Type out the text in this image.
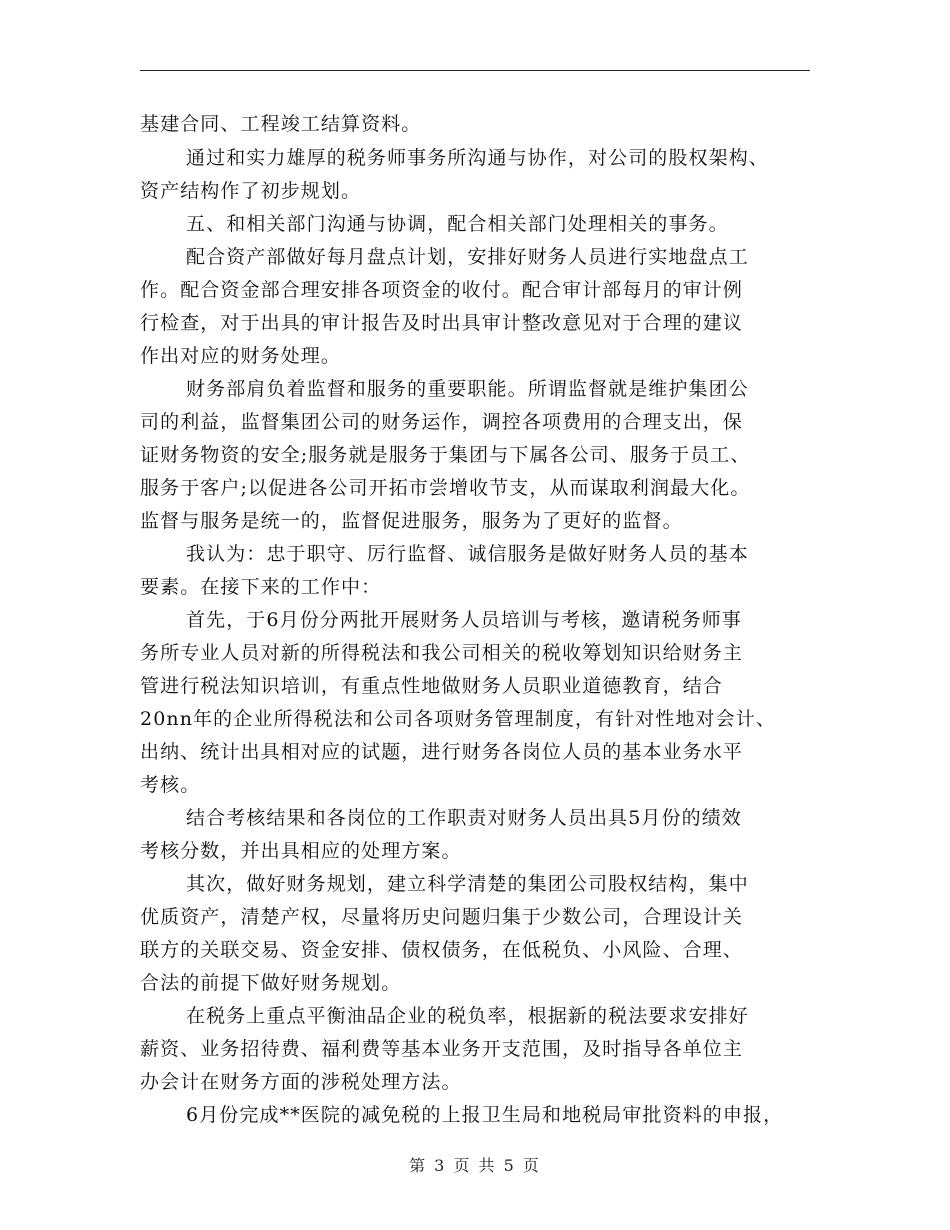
基建合同、工程竣工结算资料。
通过和实力雄厚的税务师事务所沟通与协作，对公司的股权架构、
资产结构作了初步规划。
五、和相关部门沟通与协调，配合相关部门处理相关的事务。
配合资产部做好每月盘点计划，安排好财务人员进行实地盘点工
作。配合资金部合理安排各项资金的收付。配合审计部每月的审计例
行检查，对于出具的审计报告及时出具审计整改意见对于合理的建议
作出对应的财务处理。
财务部肩负着监督和服务的重要职能。所谓监督就是维护集团公
司的利益，监督集团公司的财务运作，调控各项费用的合理支出，保
证财务物资的安全;服务就是服务于集团与下属各公司、服务于员工、
服务于客户;以促进各公司开拓市尝增收节支，从而谋取利润最大化。
监督与服务是统一的，监督促进服务，服务为了更好的监督。
我认为：忠于职守、厉行监督、诚信服务是做好财务人员的基本
要素。在接下来的工作中：
首先，于6月份分两批开展财务人员培训与考核，邀请税务师事
务所专业人员对新的所得税法和我公司相关的税收筹划知识给财务主
管进行税法知识培训，有重点性地做财务人员职业道德教育，结合
20nn年的企业所得税法和公司各项财务管理制度，有针对性地对会计、
出纳、统计出具相对应的试题，进行财务各岗位人员的基本业务水平
考核。
结合考核结果和各岗位的工作职责对财务人员出具5月份的绩效
考核分数，并出具相应的处理方案。
其次，做好财务规划，建立科学清楚的集团公司股权结构，集中
优质资产，清楚产权，尽量将历史问题归集于少数公司，合理设计关
联方的关联交易、资金安排、债权债务，在低税负、小风险、合理、
合法的前提下做好财务规划。
在税务上重点平衡油品企业的税负率，根据新的税法要求安排好
薪资、业务招待费、福利费等基本业务开支范围，及时指导各单位主
办会计在财务方面的涉税处理方法。
6月份完成**医院的减免税的上报卫生局和地税局审批资料的申报，
第 3 页 共 5 页
